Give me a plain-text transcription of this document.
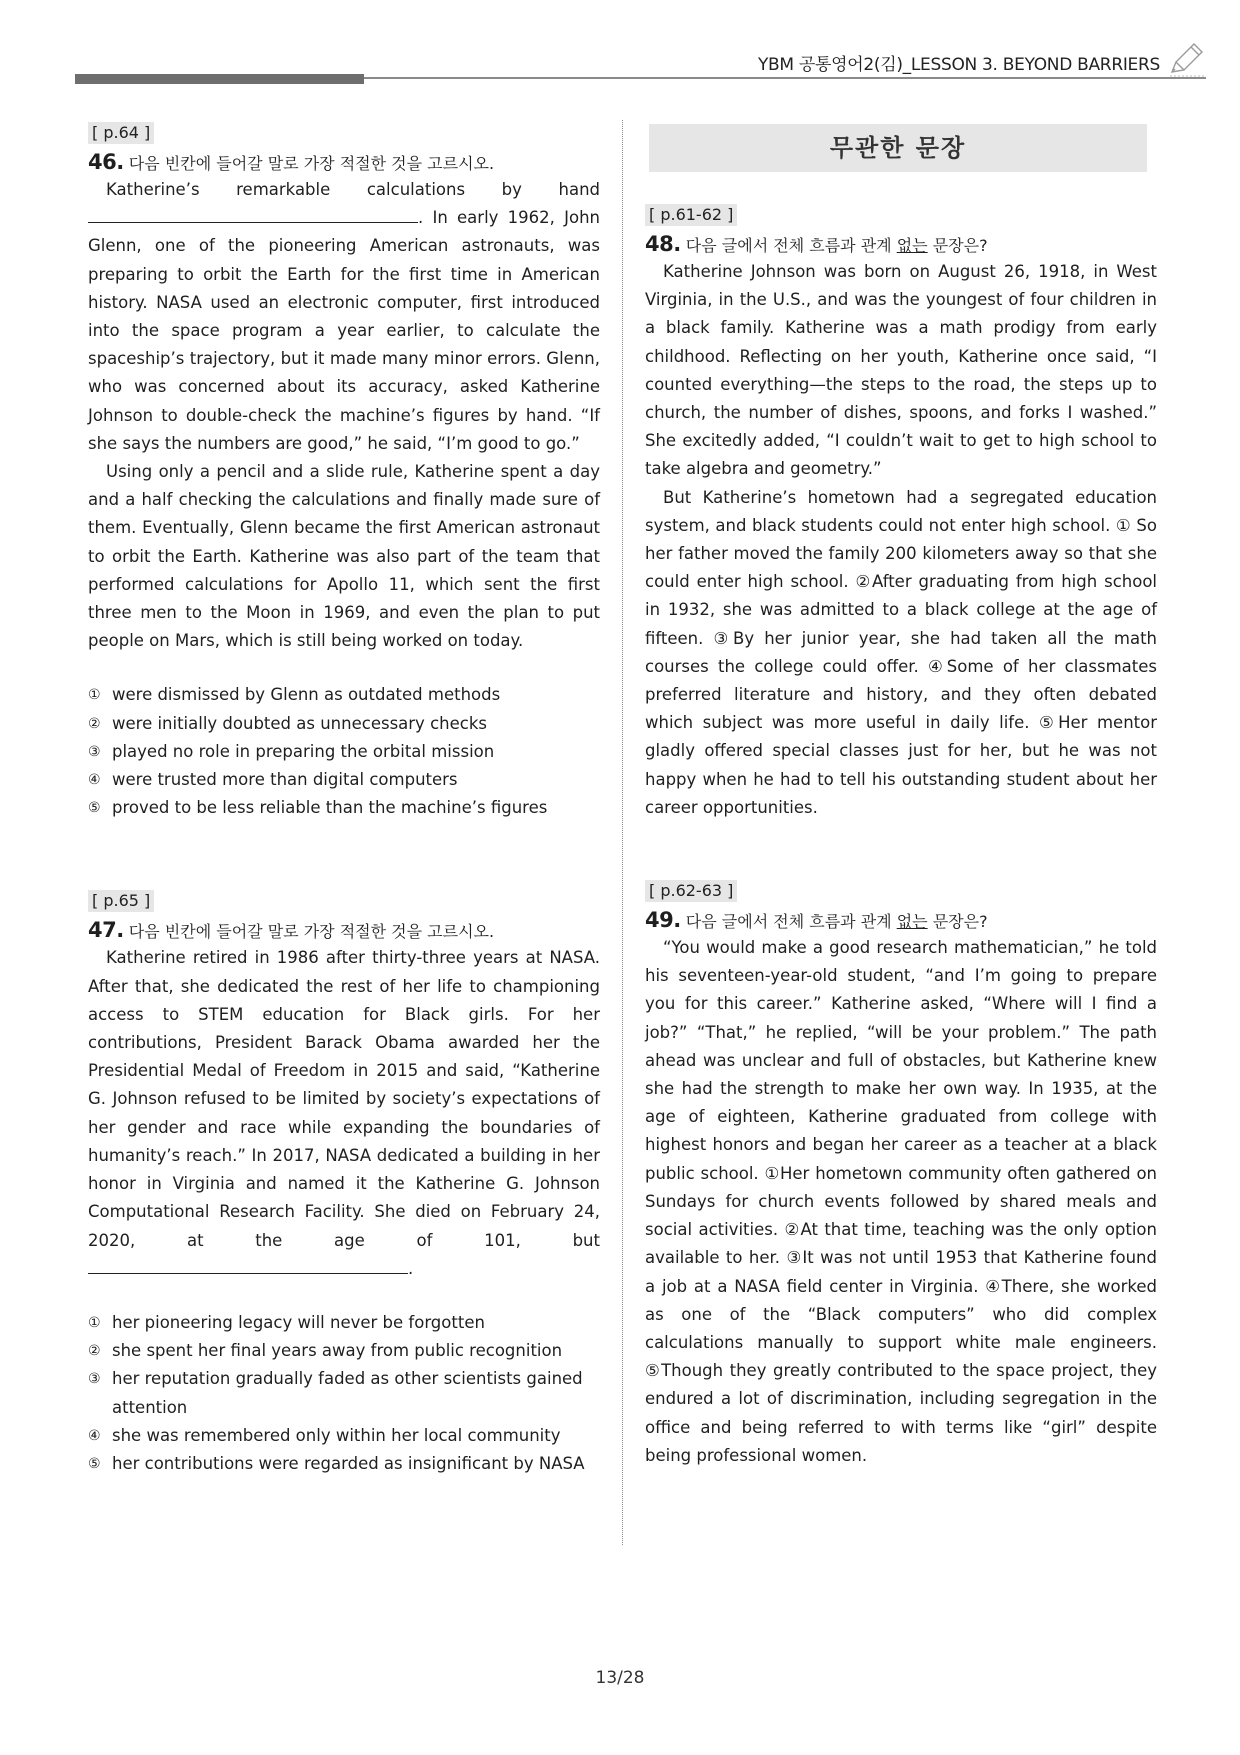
YBM 공통영어2(김)_LESSON 3. BEYOND BARRIERS
[ p.64 ]
46. 다음 빈칸에 들어갈 말로 가장 적절한 것을 고르시오.

Katherine’s remarkable calculations by hand

. In early 1962, John Glenn, one of the pioneering American astronauts, was preparing to orbit the Earth for the first time in American history. NASA used an electronic computer, first introduced into the space program a year earlier, to calculate the spaceship’s trajectory, but it made many minor errors. Glenn, who was concerned about its accuracy, asked Katherine Johnson to double-check the machine’s figures by hand. “If she says the numbers are good,” he said, “I’m good to go.”

Using only a pencil and a slide rule, Katherine spent a day and a half checking the calculations and finally made sure of them. Eventually, Glenn became the first American astronaut to orbit the Earth. Katherine was also part of the team that performed calculations for Apollo 11, which sent the first three men to the Moon in 1969, and even the plan to put people on Mars, which is still being worked on today.

① were dismissed by Glenn as outdated methods
② were initially doubted as unnecessary checks
③ played no role in preparing the orbital mission
④ were trusted more than digital computers
⑤ proved to be less reliable than the machine’s figures
[ p.65 ]
47. 다음 빈칸에 들어갈 말로 가장 적절한 것을 고르시오.

Katherine retired in 1986 after thirty-three years at NASA. After that, she dedicated the rest of her life to championing access to STEM education for Black girls. For her contributions, President Barack Obama awarded her the Presidential Medal of Freedom in 2015 and said, “Katherine G. Johnson refused to be limited by society’s expectations of her gender and race while expanding the boundaries of humanity’s reach.” In 2017, NASA dedicated a building in her honor in Virginia and named it the Katherine G. Johnson Computational Research Facility. She died on February 24, 2020, at the age of 101, but

.

① her pioneering legacy will never be forgotten
② she spent her final years away from public recognition
③ her reputation gradually faded as other scientists gained attention
④ she was remembered only within her local community
⑤ her contributions were regarded as insignificant by NASA
무관한 문장
[ p.61-62 ]
48. 다음 글에서 전체 흐름과 관계 없는 문장은?

Katherine Johnson was born on August 26, 1918, in West Virginia, in the U.S., and was the youngest of four children in a black family. Katherine was a math prodigy from early childhood. Reflecting on her youth, Katherine once said, “I counted everything—the steps to the road, the steps up to church, the number of dishes, spoons, and forks I washed.” She excitedly added, “I couldn’t wait to get to high school to take algebra and geometry.”

But Katherine’s hometown had a segregated education system, and black students could not enter high school. ① So her father moved the family 200 kilometers away so that she could enter high school. ②After graduating from high school in 1932, she was admitted to a black college at the age of fifteen. ③By her junior year, she had taken all the math courses the college could offer. ④Some of her classmates preferred literature and history, and they often debated which subject was more useful in daily life. ⑤Her mentor gladly offered special classes just for her, but he was not happy when he had to tell his outstanding student about her career opportunities.

[ p.62-63 ]
49. 다음 글에서 전체 흐름과 관계 없는 문장은?

“You would make a good research mathematician,” he told his seventeen-year-old student, “and I’m going to prepare you for this career.” Katherine asked, “Where will I find a job?” “That,” he replied, “will be your problem.” The path ahead was unclear and full of obstacles, but Katherine knew she had the strength to make her own way. In 1935, at the age of eighteen, Katherine graduated from college with highest honors and began her career as a teacher at a black public school. ①Her hometown community often gathered on Sundays for church events followed by shared meals and social activities. ②At that time, teaching was the only option available to her. ③It was not until 1953 that Katherine found a job at a NASA field center in Virginia. ④There, she worked as one of the “Black computers” who did complex calculations manually to support white male engineers. ⑤Though they greatly contributed to the space project, they endured a lot of discrimination, including segregation in the office and being referred to with terms like “girl” despite being professional women.

13/28
